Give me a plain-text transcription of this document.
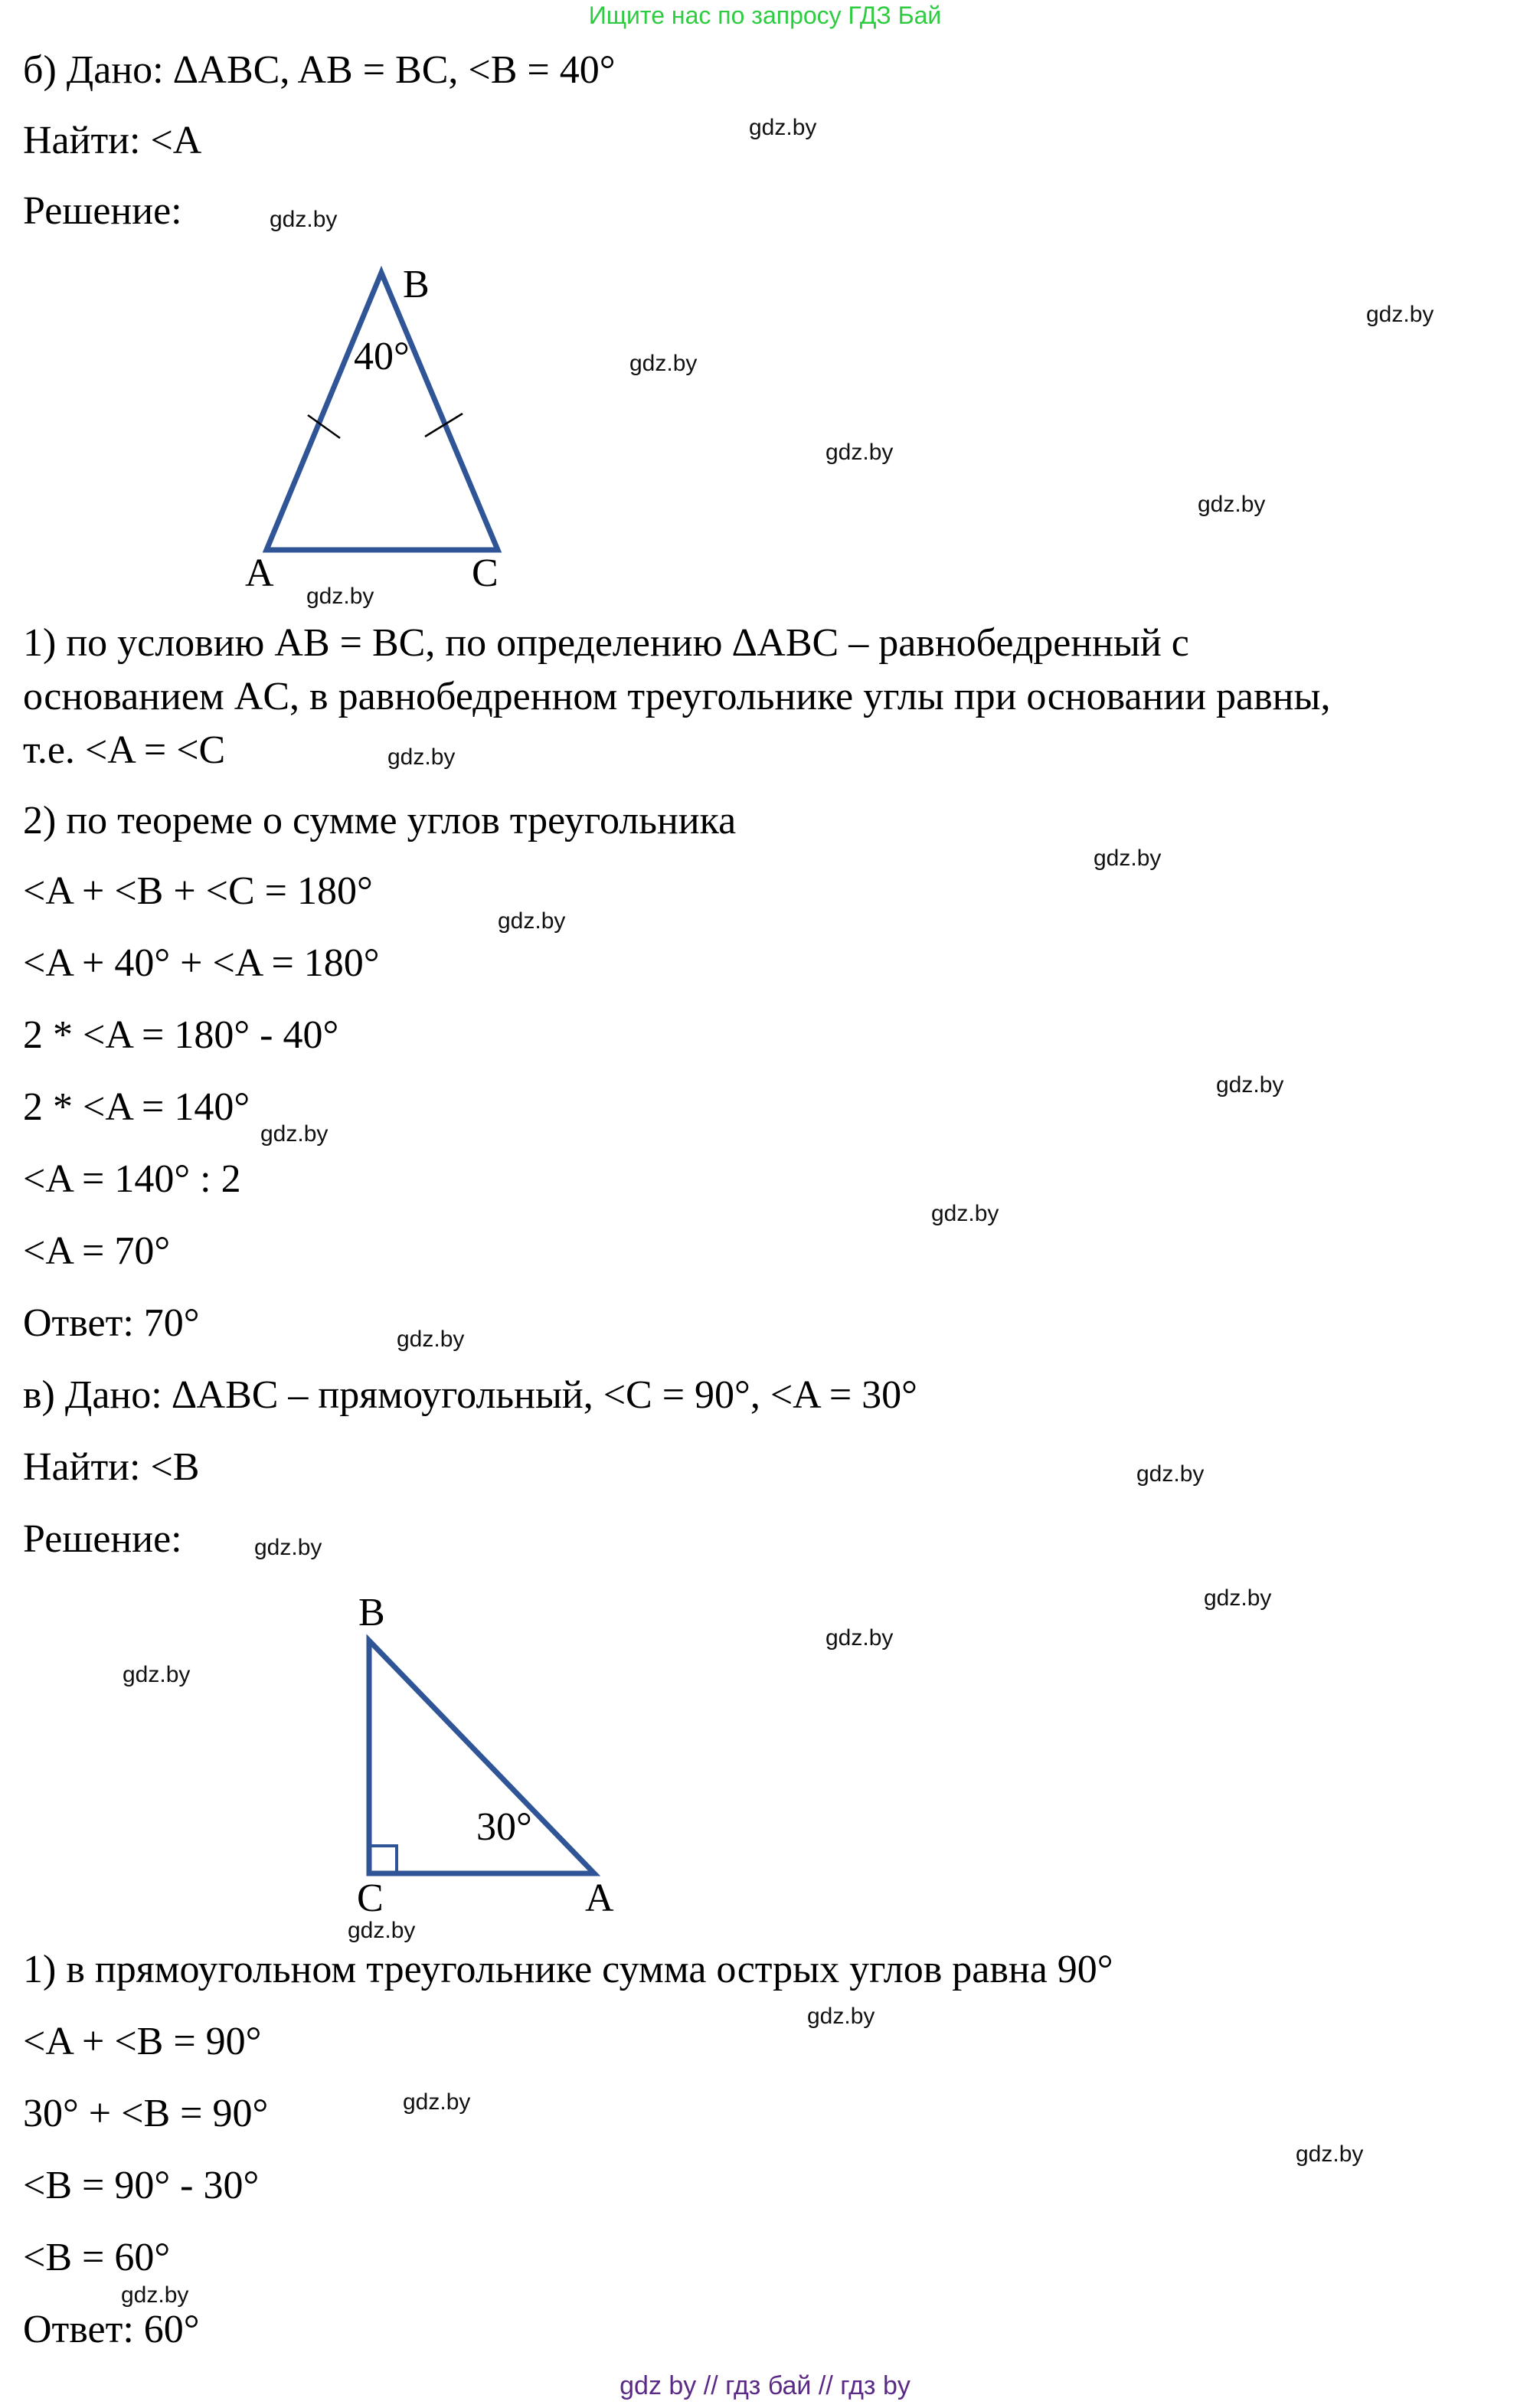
Ищите нас по запросу ГДЗ Бай
б) Дано: ∆ABC, AB = BC, <B = 40°
Найти: <A
Решение:
B
40°
A	C
1) по условию AB = BC, по определению ∆ABC – равнобедренный с
основанием AC, в равнобедренном треугольнике углы при основании равны,
т.е. <A = <C
2) по теореме о сумме углов треугольника
<A + <B + <C = 180°
<A + 40° + <A = 180°
2 * <A = 180° - 40°
2 * <A = 140°
<A = 140° : 2
<A = 70°
Ответ: 70°
в) Дано: ∆ABC – прямоугольный, <C = 90°, <A = 30°
Найти: <B
Решение:
B
30°
C	A
1) в прямоугольном треугольнике сумма острых углов равна 90°
<A + <B = 90°
30° + <B = 90°
<B = 90° - 30°
<B = 60°
Ответ: 60°
gdz.by
gdz.by
gdz.by
gdz.by
gdz.by
gdz.by
gdz.by
gdz.by
gdz.by
gdz.by
gdz.by
gdz.by
gdz.by
gdz.by
gdz.by
gdz.by
gdz.by
gdz.by
gdz.by
gdz.by
gdz.by
gdz.by
gdz.by
gdz.by
gdz by // гдз бай // гдз by
